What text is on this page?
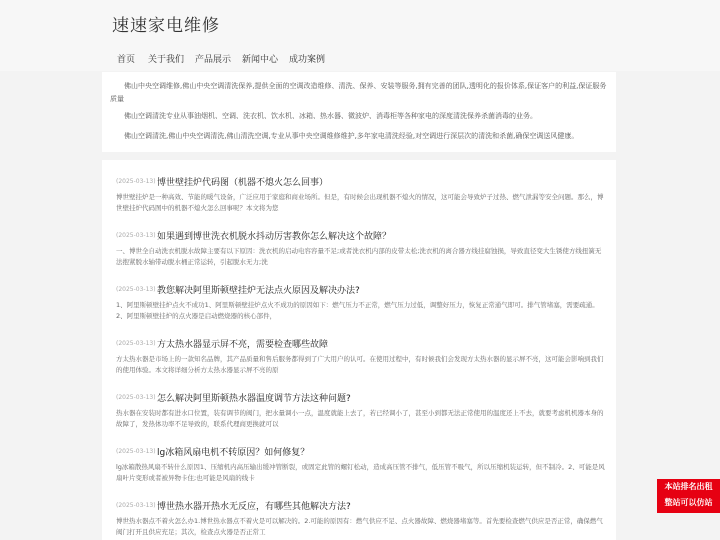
速速家电维修
首页 关于我们 产品展示 新闻中心 成功案例

佛山中央空调维修,佛山中央空调清洗保养,提供全面的空调改造维修、清洗、保养、安装等服务,拥有完善的团队,透明化的报价体系,保证客户的利益,保证服务质量

佛山空调清洗专业从事油烟机、空调、洗衣机、饮水机、冰箱、热水器、微波炉、消毒柜等各种家电的深度清洗保养杀菌消毒的业务。

佛山空调清洗,佛山中央空调清洗,佛山清洗空调,专业从事中央空调维修维护,多年家电清洗经验,对空调进行深层次的清洗和杀菌,确保空调送风健康。

(2025-03-13) 博世壁挂炉代码图（机器不熄火怎么回事）
博世壁挂炉是一种高效、节能的暖气设备，广泛应用于家庭和商业场所。但是，有时候会出现机器不熄火的情况，这可能会导致炉子过热、燃气泄漏等安全问题。那么，博世壁挂炉代码图中的机器不熄火怎么回事呢？本文将为您
(2025-03-13) 如果遇到博世洗衣机脱水抖动厉害教你怎么解决这个故障？
一、博世全自动洗衣机脱水故障主要有以下原因：洗衣机的启动电容容量不足;或者洗衣机内部的皮带太松;洗衣机的离合器方线挂腐蚀损，导致直径变大生锈使方线扭簧无法抱紧脱水轴带动脱水桶正常运转，引起脱水无力;洗
(2025-03-13) 教您解决阿里斯顿壁挂炉无法点火原因及解决办法?
1、阿里斯顿壁挂炉点火不成功1、阿里斯顿壁挂炉点火不成功的原因如下：燃气压力不正常，燃气压力过低，调整好压力，恢复正常通气即可。排气管堵塞，需要疏通。2、阿里斯顿壁挂炉的点火器是启动燃烧器的核心部件，
(2025-03-13) 方太热水器显示屏不亮，需要检查哪些故障
方太热水器是市场上的一款知名品牌，其产品质量和售后服务都得到了广大用户的认可。在使用过程中，有时候我们会发现方太热水器的显示屏不亮，这可能会影响到我们的使用体验。本文将详细分析方太热水器显示屏不亮的原
(2025-03-13) 怎么解决阿里斯顿热水器温度调节方法这种问题?
热水器在安装时都有进水口位置，装有调节的阀门，把水量调小一点，温度就能上去了，若已经调小了，甚至小到都无法正常使用的温度还上不去，就要考虑机机器本身的故障了，发热体功率不足导致的，联系代理商更换就可以
(2025-03-13) lg冰箱风扇电机不转原因？如何修复？
lg冰箱散热风扇不转什么原因1、压缩机内高压输出缓冲管断裂，或固定此管的螺钉松动，造成高压管不排气，低压管不吸气，所以压缩机装运转，但不制冷。2、可能是风扇叶片变形或者被异物卡住;也可能是风扇的线卡
(2025-03-13) 博世热水器开热水无反应，有哪些其他解决方法?
博世热水器点不着火怎么办1.博世热水器点不着火是可以解决的。2.可能的原因有：燃气供应不足、点火器故障、燃烧器堵塞等。首先要检查燃气供应是否正常，确保燃气阀门打开且供应充足；其次，检查点火器是否正常工
本站排名出租
整站可以仿站
